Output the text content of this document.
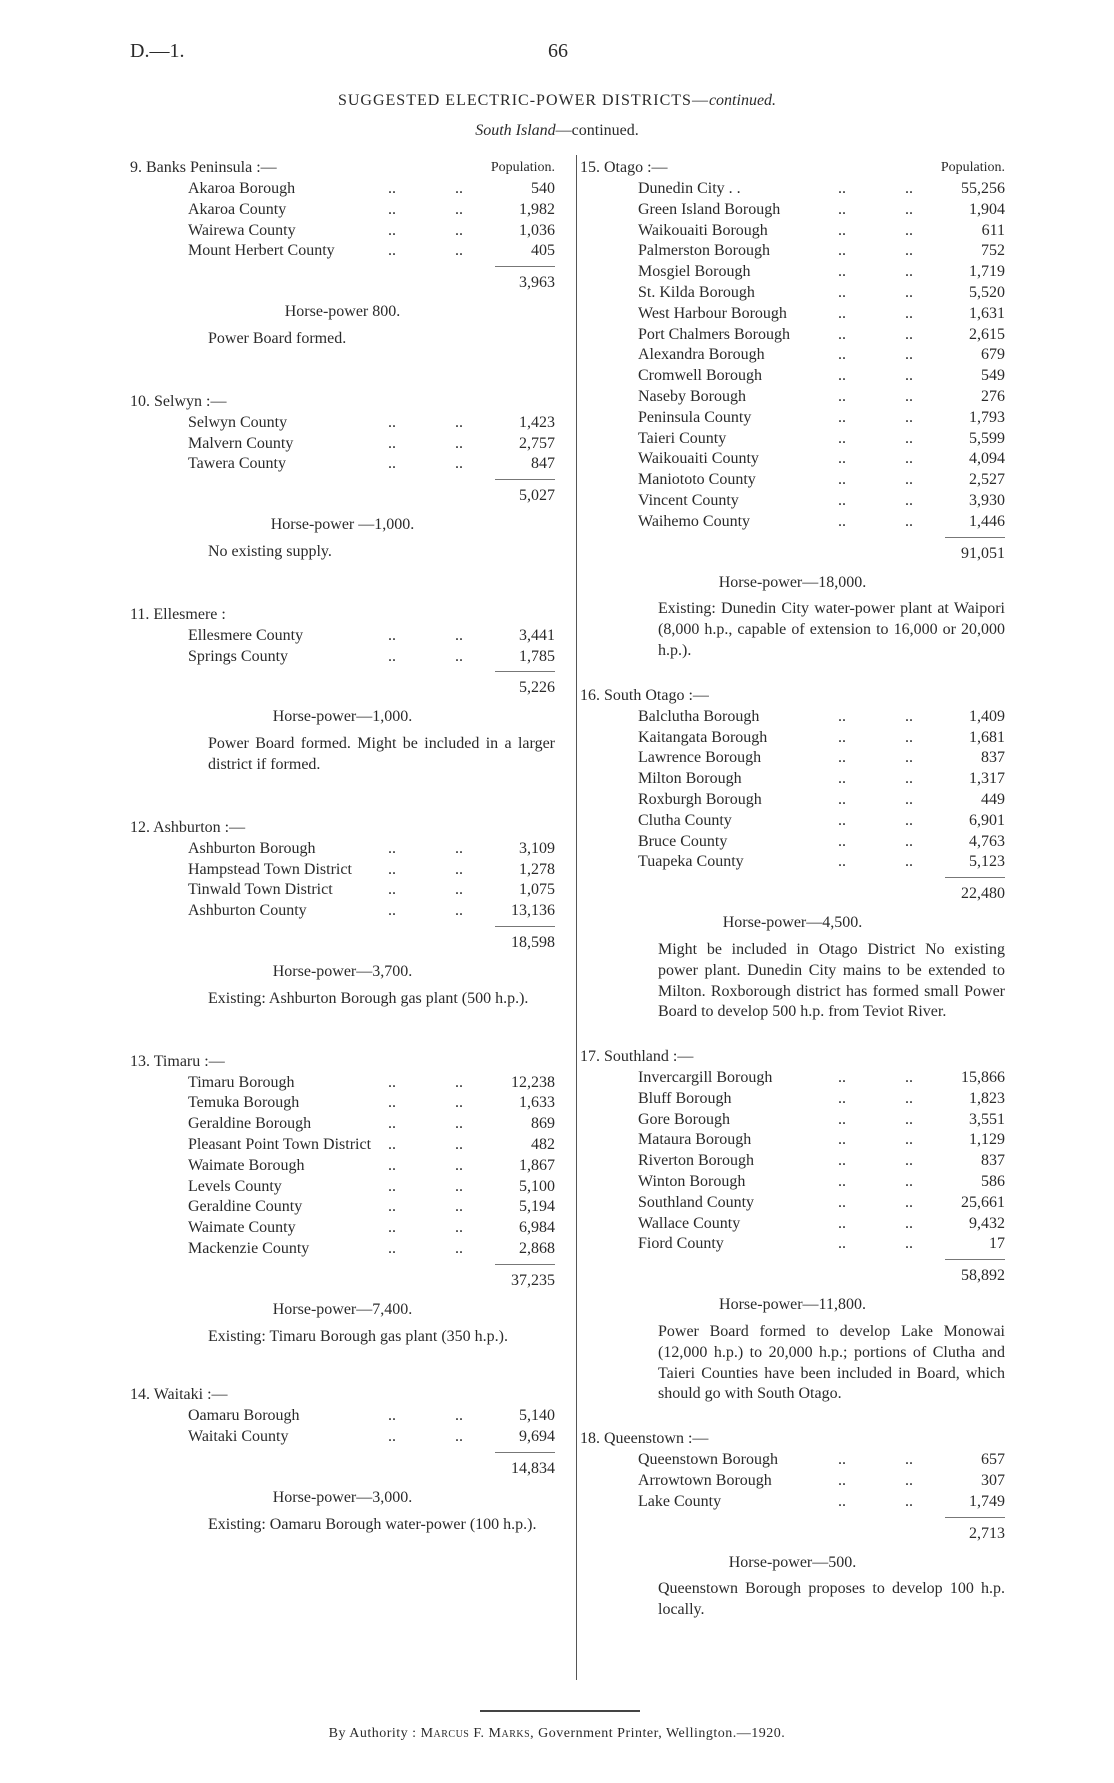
D.—1.	66
SUGGESTED ELECTRIC-POWER DISTRICTS—continued.
South Island—continued.
9. Banks Peninsula :—	Population.
Akaroa Borough	..	..	540
Akaroa County	..	..	1,982
Wairewa County	..	..	1,036
Mount Herbert County	..	..	405
3,963
Horse-power 800.
Power Board formed.
10. Selwyn :—
Selwyn County	..	..	1,423
Malvern County	..	..	2,757
Tawera County	..	..	847
5,027
Horse-power —1,000.
No existing supply.
11. Ellesmere :
Ellesmere County	..	..	3,441
Springs County	..	..	1,785
5,226
Horse-power—1,000.
Power Board formed. Might be included in a larger district if formed.
12. Ashburton :—
Ashburton Borough	..	..	3,109
Hampstead Town District ..	..	1,278
Tinwald Town District	..	..	1,075
Ashburton County	..	..	13,136
18,598
Horse-power—3,700.
Existing: Ashburton Borough gas plant (500 h.p.).
13. Timaru :—
Timaru Borough	..	..	12,238
Temuka Borough	..	..	1,633
Geraldine Borough	..	..	869
Pleasant Point Town District ..	..	482
Waimate Borough	..	..	1,867
Levels County	..	..	5,100
Geraldine County	..	..	5,194
Waimate County	..	..	6,984
Mackenzie County	..	..	2,868
37,235
Horse-power—7,400.
Existing: Timaru Borough gas plant (350 h.p.).
14. Waitaki :—
Oamaru Borough	..	..	5,140
Waitaki County	..	..	9,694
14,834
Horse-power—3,000.
Existing: Oamaru Borough water-power (100 h.p.).
15. Otago :—	Population.
Dunedin City . .	..	..	55,256
Green Island Borough	..	..	1,904
Waikouaiti Borough	..	..	611
Palmerston Borough	..	..	752
Mosgiel Borough	..	..	1,719
St. Kilda Borough	..	..	5,520
West Harbour Borough	..	..	1,631
Port Chalmers Borough	..	..	2,615
Alexandra Borough	..	..	679
Cromwell Borough	..	..	549
Naseby Borough	..	..	276
Peninsula County	..	..	1,793
Taieri County	..	..	5,599
Waikouaiti County	..	..	4,094
Maniototo County	..	..	2,527
Vincent County	..	..	3,930
Waihemo County	..	..	1,446
91,051
Horse-power—18,000.
Existing: Dunedin City water-power plant at Waipori (8,000 h.p., capable of extension to 16,000 or 20,000 h.p.).
16. South Otago :—
Balclutha Borough	..	..	1,409
Kaitangata Borough	..	..	1,681
Lawrence Borough	..	..	837
Milton Borough	..	..	1,317
Roxburgh Borough	..	..	449
Clutha County	..	..	6,901
Bruce County	..	..	4,763
Tuapeka County	..	..	5,123
22,480
Horse-power—4,500.
Might be included in Otago District No existing power plant. Dunedin City mains to be extended to Milton. Roxborough district has formed small Power Board to develop 500 h.p. from Teviot River.
17. Southland :—
Invercargill Borough	..	..	15,866
Bluff Borough	..	..	1,823
Gore Borough	..	..	3,551
Mataura Borough	..	..	1,129
Riverton Borough	..	..	837
Winton Borough	..	..	586
Southland County	..	..	25,661
Wallace County	..	..	9,432
Fiord County	..	..	17
58,892
Horse-power—11,800.
Power Board formed to develop Lake Monowai (12,000 h.p.) to 20,000 h.p.; portions of Clutha and Taieri Counties have been included in Board, which should go with South Otago.
18. Queenstown :—
Queenstown Borough	..	..	657
Arrowtown Borough	..	..	307
Lake County	..	..	1,749
2,713
Horse-power—500.
Queenstown Borough proposes to develop 100 h.p. locally.
By Authority : Marcus F. Marks, Government Printer, Wellington.—1920.
